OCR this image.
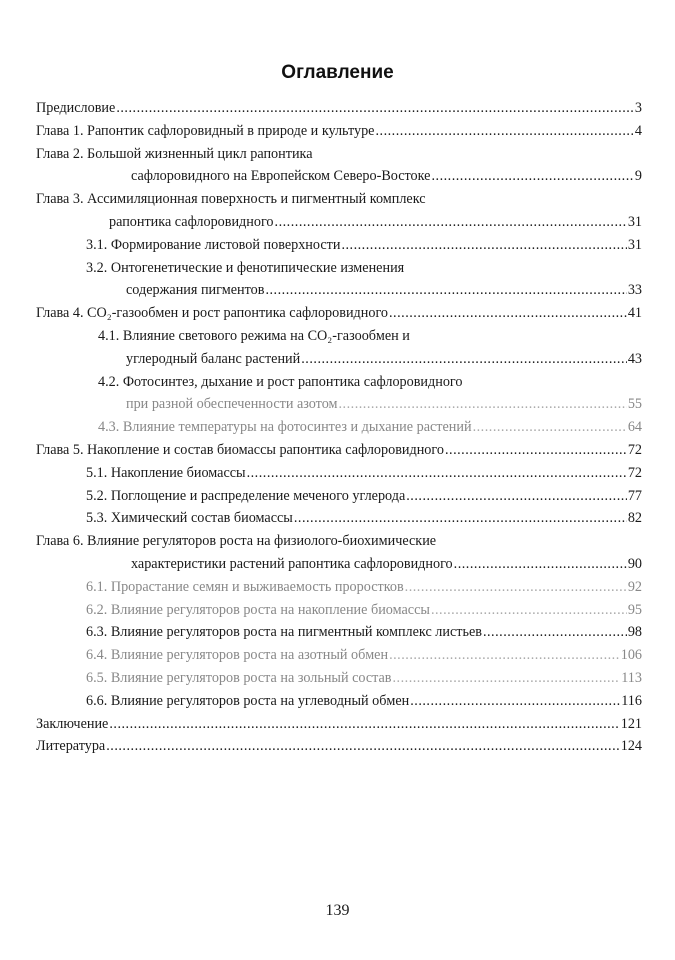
Оглавление
Предисловие .....	3
Глава 1. Рапонтик сафлоровидный в природе и культуре .....	4
Глава 2. Большой жизненный цикл рапонтика
сафлоровидного на Европейском Северо-Востоке .....	9
Глава 3. Ассимиляционная поверхность и пигментный комплекс
рапонтика сафлоровидного .....	31
3.1. Формирование листовой поверхности .....	31
3.2. Онтогенетические и фенотипические изменения
содержания пигментов .....	33
Глава 4. CO₂-газообмен и рост рапонтика сафлоровидного .....	41
4.1. Влияние светового режима на CO₂-газообмен и
углеродный баланс растений .....	43
4.2. Фотосинтез, дыхание и рост рапонтика сафлоровидного
при разной обеспеченности азотом .....	55
4.3. Влияние температуры на фотосинтез и дыхание растений .....	64
Глава 5. Накопление и состав биомассы рапонтика сафлоровидного .....	72
5.1. Накопление биомассы .....	72
5.2. Поглощение и распределение меченого углерода .....	77
5.3. Химический состав биомассы .....	82
Глава 6. Влияние регуляторов роста на физиолого-биохимические
характеристики растений рапонтика сафлоровидного .....	90
6.1. Прорастание семян и выживаемость проростков .....	92
6.2. Влияние регуляторов роста на накопление биомассы .....	95
6.3. Влияние регуляторов роста на пигментный комплекс листьев .....	98
6.4. Влияние регуляторов роста на азотный обмен .....	106
6.5. Влияние регуляторов роста на зольный состав .....	113
6.6. Влияние регуляторов роста на углеводный обмен .....	116
Заключение .....	121
Литература .....	124
139
